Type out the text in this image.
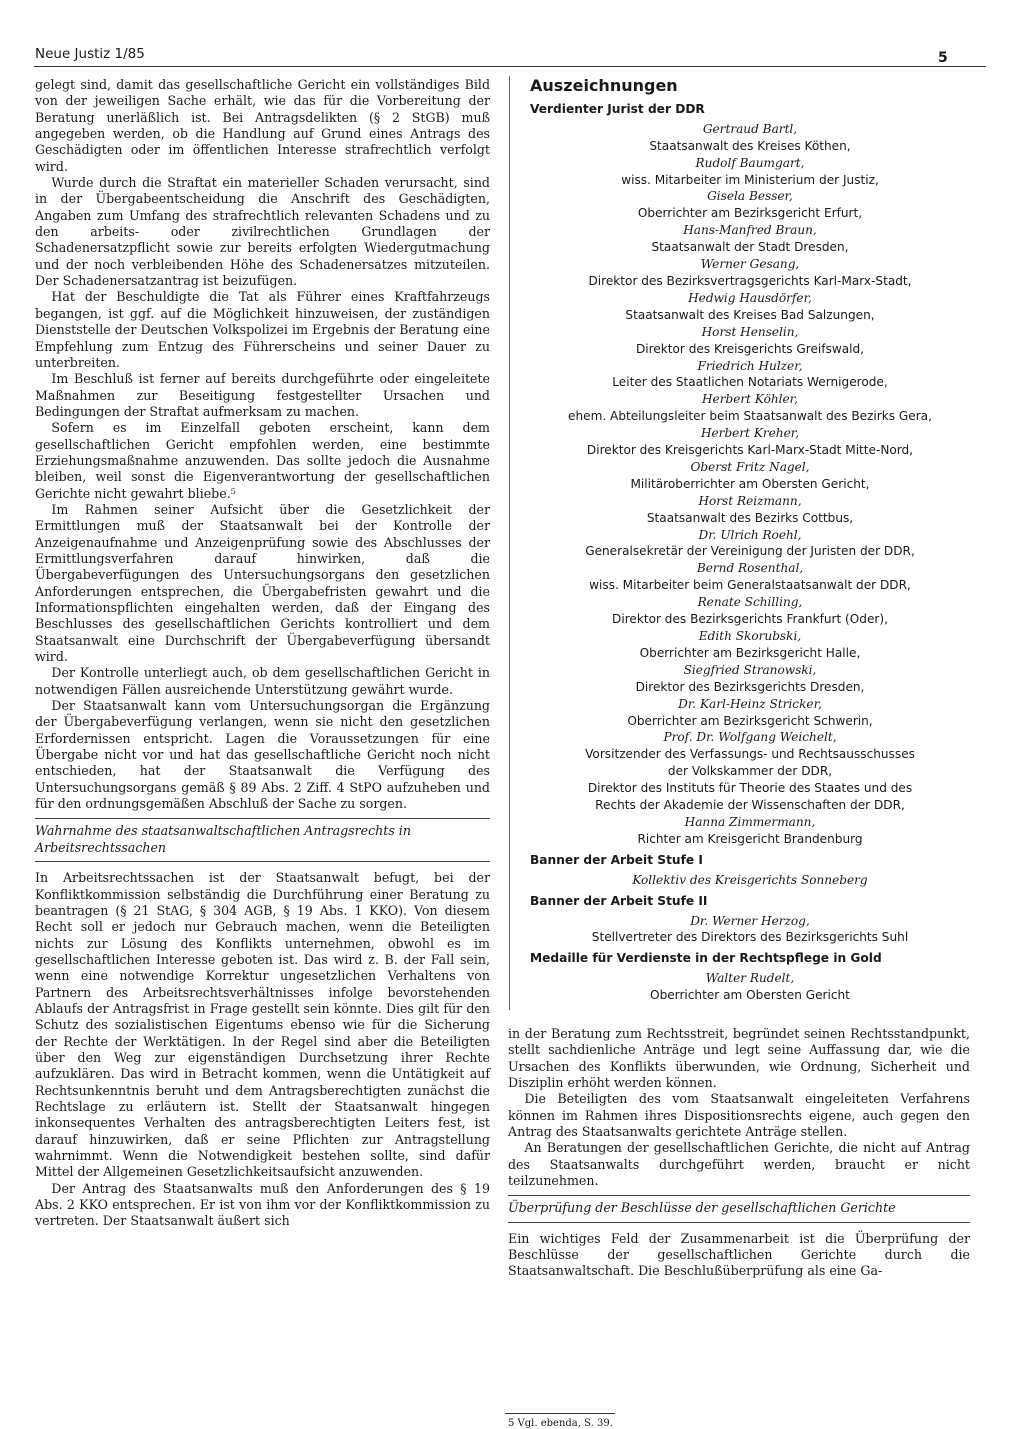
Neue Justiz 1/85	5

gelegt sind, damit das gesellschaftliche Gericht ein vollständiges Bild von der jeweiligen Sache erhält, wie das für die Vorbereitung der Beratung unerläßlich ist. Bei Antragsdelikten (§ 2 StGB) muß angegeben werden, ob die Handlung auf Grund eines Antrags des Geschädigten oder im öffentlichen Interesse strafrechtlich verfolgt wird.

Wurde durch die Straftat ein materieller Schaden verursacht, sind in der Übergabeentscheidung die Anschrift des Geschädigten, Angaben zum Umfang des strafrechtlich relevanten Schadens und zu den arbeits- oder zivilrechtlichen Grundlagen der Schadenersatzpflicht sowie zur bereits erfolgten Wiedergutmachung und der noch verbleibenden Höhe des Schadenersatzes mitzuteilen. Der Schadenersatzantrag ist beizufügen.

Hat der Beschuldigte die Tat als Führer eines Kraftfahrzeugs begangen, ist ggf. auf die Möglichkeit hinzuweisen, der zuständigen Dienststelle der Deutschen Volkspolizei im Ergebnis der Beratung eine Empfehlung zum Entzug des Führerscheins und seiner Dauer zu unterbreiten.

Im Beschluß ist ferner auf bereits durchgeführte oder eingeleitete Maßnahmen zur Beseitigung festgestellter Ursachen und Bedingungen der Straftat aufmerksam zu machen.

Sofern es im Einzelfall geboten erscheint, kann dem gesellschaftlichen Gericht empfohlen werden, eine bestimmte Erziehungsmaßnahme anzuwenden. Das sollte jedoch die Ausnahme bleiben, weil sonst die Eigenverantwortung der gesellschaftlichen Gerichte nicht gewahrt bliebe.⁵

Im Rahmen seiner Aufsicht über die Gesetzlichkeit der Ermittlungen muß der Staatsanwalt bei der Kontrolle der Anzeigenaufnahme und Anzeigenprüfung sowie des Abschlusses der Ermittlungsverfahren darauf hinwirken, daß die Übergabeverfügungen des Untersuchungsorgans den gesetzlichen Anforderungen entsprechen, die Übergabefristen gewahrt und die Informationspflichten eingehalten werden, daß der Eingang des Beschlusses des gesellschaftlichen Gerichts kontrolliert und dem Staatsanwalt eine Durchschrift der Übergabeverfügung übersandt wird.

Der Kontrolle unterliegt auch, ob dem gesellschaftlichen Gericht in notwendigen Fällen ausreichende Unterstützung gewährt wurde.

Der Staatsanwalt kann vom Untersuchungsorgan die Ergänzung der Übergabeverfügung verlangen, wenn sie nicht den gesetzlichen Erfordernissen entspricht. Lagen die Voraussetzungen für eine Übergabe nicht vor und hat das gesellschaftliche Gericht noch nicht entschieden, hat der Staatsanwalt die Verfügung des Untersuchungsorgans gemäß § 89 Abs. 2 Ziff. 4 StPO aufzuheben und für den ordnungsgemäßen Abschluß der Sache zu sorgen.

Wahrnahme des staatsanwaltschaftlichen Antragsrechts in Arbeitsrechtssachen

In Arbeitsrechtssachen ist der Staatsanwalt befugt, bei der Konfliktkommission selbständig die Durchführung einer Beratung zu beantragen (§ 21 StAG, § 304 AGB, § 19 Abs. 1 KKO). Von diesem Recht soll er jedoch nur Gebrauch machen, wenn die Beteiligten nichts zur Lösung des Konflikts unternehmen, obwohl es im gesellschaftlichen Interesse geboten ist. Das wird z. B. der Fall sein, wenn eine notwendige Korrektur ungesetzlichen Verhaltens von Partnern des Arbeitsrechtsverhältnisses infolge bevorstehenden Ablaufs der Antragsfrist in Frage gestellt sein könnte. Dies gilt für den Schutz des sozialistischen Eigentums ebenso wie für die Sicherung der Rechte der Werktätigen. In der Regel sind aber die Beteiligten über den Weg zur eigenständigen Durchsetzung ihrer Rechte aufzuklären. Das wird in Betracht kommen, wenn die Untätigkeit auf Rechtsunkenntnis beruht und dem Antragsberechtigten zunächst die Rechtslage zu erläutern ist. Stellt der Staatsanwalt hingegen inkonsequentes Verhalten des antragsberechtigten Leiters fest, ist darauf hinzuwirken, daß er seine Pflichten zur Antragstellung wahrnimmt. Wenn die Notwendigkeit bestehen sollte, sind dafür Mittel der Allgemeinen Gesetzlichkeitsaufsicht anzuwenden.

Der Antrag des Staatsanwalts muß den Anforderungen des § 19 Abs. 2 KKO entsprechen. Er ist von ihm vor der Konfliktkommission zu vertreten. Der Staatsanwalt äußert sich

Auszeichnungen
Verdienter Jurist der DDR
Gertraud Bartl,
Staatsanwalt des Kreises Köthen,
Rudolf Baumgart,
wiss. Mitarbeiter im Ministerium der Justiz,
Gisela Besser,
Oberrichter am Bezirksgericht Erfurt,
Hans-Manfred Braun,
Staatsanwalt der Stadt Dresden,
Werner Gesang,
Direktor des Bezirksvertragsgerichts Karl-Marx-Stadt,
Hedwig Hausdörfer,
Staatsanwalt des Kreises Bad Salzungen,
Horst Henselin,
Direktor des Kreisgerichts Greifswald,
Friedrich Hulzer,
Leiter des Staatlichen Notariats Wernigerode,
Herbert Köhler,
ehem. Abteilungsleiter beim Staatsanwalt des Bezirks Gera,
Herbert Kreher,
Direktor des Kreisgerichts Karl-Marx-Stadt Mitte-Nord,
Oberst Fritz Nagel,
Militäroberrichter am Obersten Gericht,
Horst Reizmann,
Staatsanwalt des Bezirks Cottbus,
Dr. Ulrich Roehl,
Generalsekretär der Vereinigung der Juristen der DDR,
Bernd Rosenthal,
wiss. Mitarbeiter beim Generalstaatsanwalt der DDR,
Renate Schilling,
Direktor des Bezirksgerichts Frankfurt (Oder),
Edith Skorubski,
Oberrichter am Bezirksgericht Halle,
Siegfried Stranowski,
Direktor des Bezirksgerichts Dresden,
Dr. Karl-Heinz Stricker,
Oberrichter am Bezirksgericht Schwerin,
Prof. Dr. Wolfgang Weichelt,
Vorsitzender des Verfassungs- und Rechtsausschusses
der Volkskammer der DDR,
Direktor des Instituts für Theorie des Staates und des
Rechts der Akademie der Wissenschaften der DDR,
Hanna Zimmermann,
Richter am Kreisgericht Brandenburg
Banner der Arbeit Stufe I
Kollektiv des Kreisgerichts Sonneberg
Banner der Arbeit Stufe II
Dr. Werner Herzog,
Stellvertreter des Direktors des Bezirksgerichts Suhl
Medaille für Verdienste in der Rechtspflege in Gold
Walter Rudelt,
Oberrichter am Obersten Gericht

in der Beratung zum Rechtsstreit, begründet seinen Rechtsstandpunkt, stellt sachdienliche Anträge und legt seine Auffassung dar, wie die Ursachen des Konflikts überwunden, wie Ordnung, Sicherheit und Disziplin erhöht werden können.

Die Beteiligten des vom Staatsanwalt eingeleiteten Verfahrens können im Rahmen ihres Dispositionsrechts eigene, auch gegen den Antrag des Staatsanwalts gerichtete Anträge stellen.

An Beratungen der gesellschaftlichen Gerichte, die nicht auf Antrag des Staatsanwalts durchgeführt werden, braucht er nicht teilzunehmen.

Überprüfung der Beschlüsse der gesellschaftlichen Gerichte

Ein wichtiges Feld der Zusammenarbeit ist die Überprüfung der Beschlüsse der gesellschaftlichen Gerichte durch die Staatsanwaltschaft. Die Beschlußüberprüfung als eine Ga-

5 Vgl. ebenda, S. 39.
